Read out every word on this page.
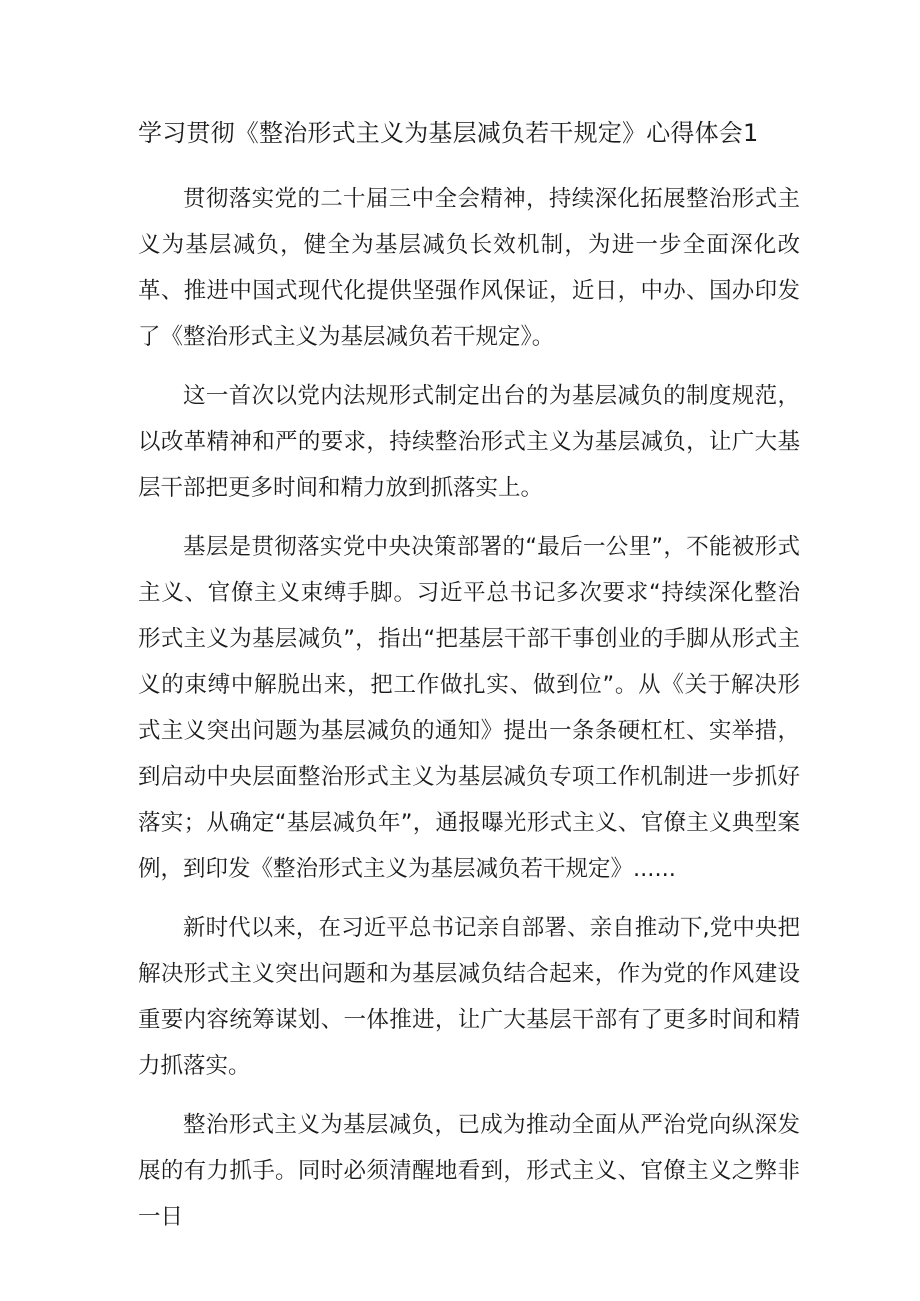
学习贯彻《整治形式主义为基层减负若干规定》心得体会1

贯彻落实党的二十届三中全会精神，持续深化拓展整治形式主义为基层减负，健全为基层减负长效机制，为进一步全面深化改革、推进中国式现代化提供坚强作风保证，近日，中办、国办印发了《整治形式主义为基层减负若干规定》。

这一首次以党内法规形式制定出台的为基层减负的制度规范，以改革精神和严的要求，持续整治形式主义为基层减负，让广大基层干部把更多时间和精力放到抓落实上。

基层是贯彻落实党中央决策部署的“最后一公里”，不能被形式主义、官僚主义束缚手脚。习近平总书记多次要求“持续深化整治形式主义为基层减负”，指出“把基层干部干事创业的手脚从形式主义的束缚中解脱出来，把工作做扎实、做到位”。从《关于解决形式主义突出问题为基层减负的通知》提出一条条硬杠杠、实举措，到启动中央层面整治形式主义为基层减负专项工作机制进一步抓好落实；从确定“基层减负年”，通报曝光形式主义、官僚主义典型案例，到印发《整治形式主义为基层减负若干规定》......

新时代以来，在习近平总书记亲自部署、亲自推动下,党中央把解决形式主义突出问题和为基层减负结合起来，作为党的作风建设重要内容统筹谋划、一体推进，让广大基层干部有了更多时间和精力抓落实。

整治形式主义为基层减负，已成为推动全面从严治党向纵深发展的有力抓手。同时必须清醒地看到，形式主义、官僚主义之弊非一日
